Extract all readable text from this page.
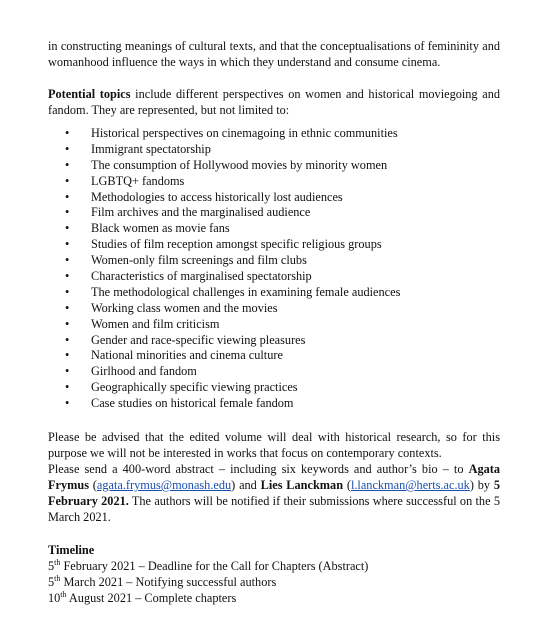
in constructing meanings of cultural texts, and that the conceptualisations of femininity and womanhood influence the ways in which they understand and consume cinema.

Potential topics include different perspectives on women and historical moviegoing and fandom. They are represented, but not limited to:

• Historical perspectives on cinemagoing in ethnic communities
• Immigrant spectatorship
• The consumption of Hollywood movies by minority women
• LGBTQ+ fandoms
• Methodologies to access historically lost audiences
• Film archives and the marginalised audience
• Black women as movie fans
• Studies of film reception amongst specific religious groups
• Women-only film screenings and film clubs
• Characteristics of marginalised spectatorship
• The methodological challenges in examining female audiences
• Working class women and the movies
• Women and film criticism
• Gender and race-specific viewing pleasures
• National minorities and cinema culture
• Girlhood and fandom
• Geographically specific viewing practices
• Case studies on historical female fandom

Please be advised that the edited volume will deal with historical research, so for this purpose we will not be interested in works that focus on contemporary contexts.

Please send a 400-word abstract – including six keywords and author’s bio – to Agata Frymus (agata.frymus@monash.edu) and Lies Lanckman (l.lanckman@herts.ac.uk) by 5 February 2021. The authors will be notified if their submissions where successful on the 5 March 2021.

Timeline

5th February 2021 – Deadline for the Call for Chapters (Abstract)
5th March 2021 – Notifying successful authors
10th August 2021 – Complete chapters
